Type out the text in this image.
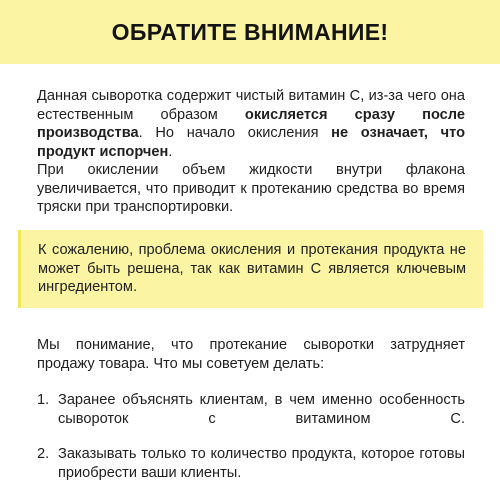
ОБРАТИТЕ ВНИМАНИЕ!

Данная сыворотка содержит чистый витамин С, из-за чего она естественным образом окисляется сразу после производства. Но начало окисления не означает, что продукт испорчен.

При окислении объем жидкости внутри флакона увеличивается, что приводит к протеканию средства во время тряски при транспортировки.

К сожалению, проблема окисления и протекания продукта не может быть решена, так как витамин С является ключевым ингредиентом.

Мы понимание, что протекание сыворотки затрудняет продажу товара. Что мы советуем делать:

1. Заранее объяснять клиентам, в чем именно особенность сывороток с витамином С.
2. Заказывать только то количество продукта, которое готовы приобрести ваши клиенты.
